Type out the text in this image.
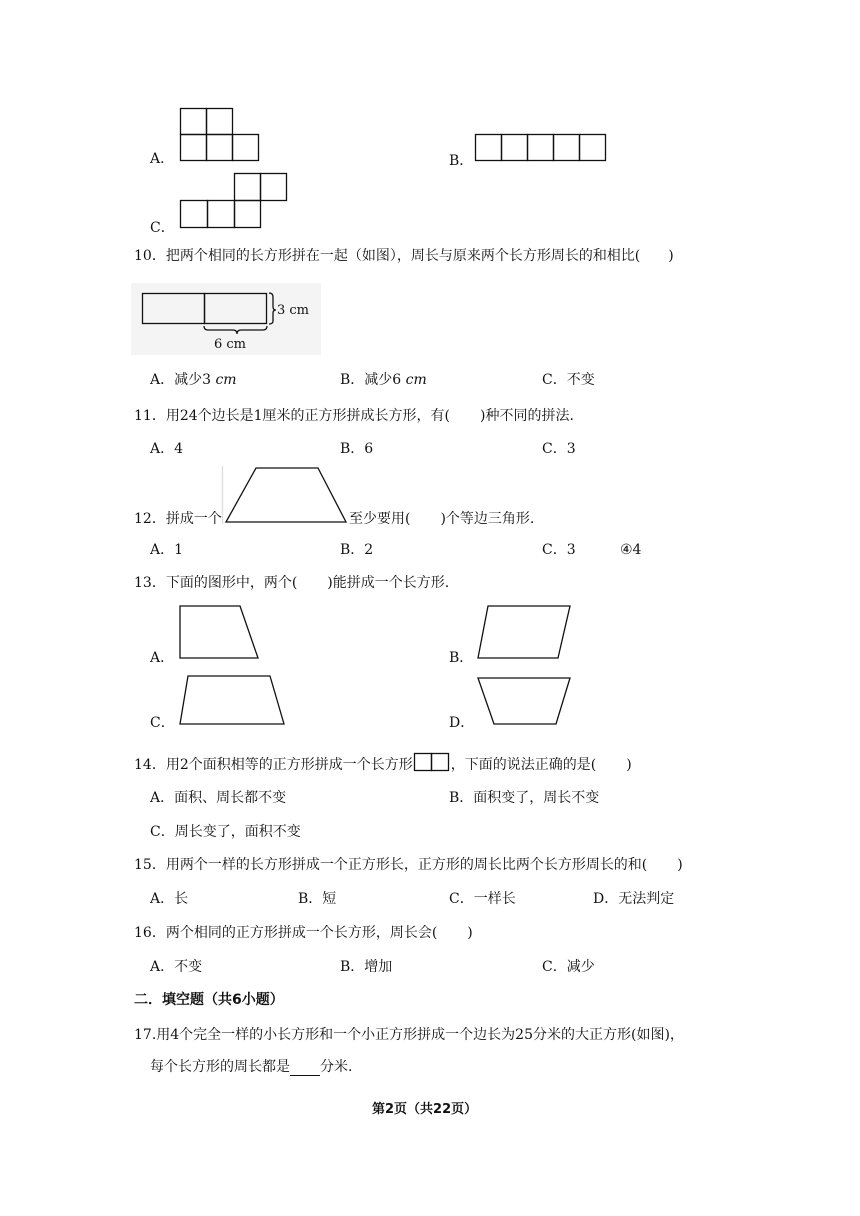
A．	B．
C．
10．把两个相同的长方形拼在一起（如图），周长与原来两个长方形周长的和相比( )
3 cm
6 cm
A．减少3 cm	B．减少6 cm	C．不变
11．用24个边长是1厘米的正方形拼成长方形，有( )种不同的拼法.
A．4	B．6	C．3
12．拼成一个	至少要用( )个等边三角形.
A．1	B．2	C．3	④4
13．下面的图形中，两个( )能拼成一个长方形.
A．	B．
C．	D．
14．用2个面积相等的正方形拼成一个长方形	，下面的说法正确的是( )
A．面积、周长都不变	B．面积变了，周长不变
C．周长变了，面积不变
15．用两个一样的长方形拼成一个正方形长，正方形的周长比两个长方形周长的和( )
A．长	B．短	C．一样长	D．无法判定
16．两个相同的正方形拼成一个长方形，周长会( )
A．不变	B．增加	C．减少
二．填空题（共6小题）
17.用4个完全一样的小长方形和一个小正方形拼成一个边长为25分米的大正方形(如图)，
每个长方形的周长都是 分米.
第2页（共22页）
